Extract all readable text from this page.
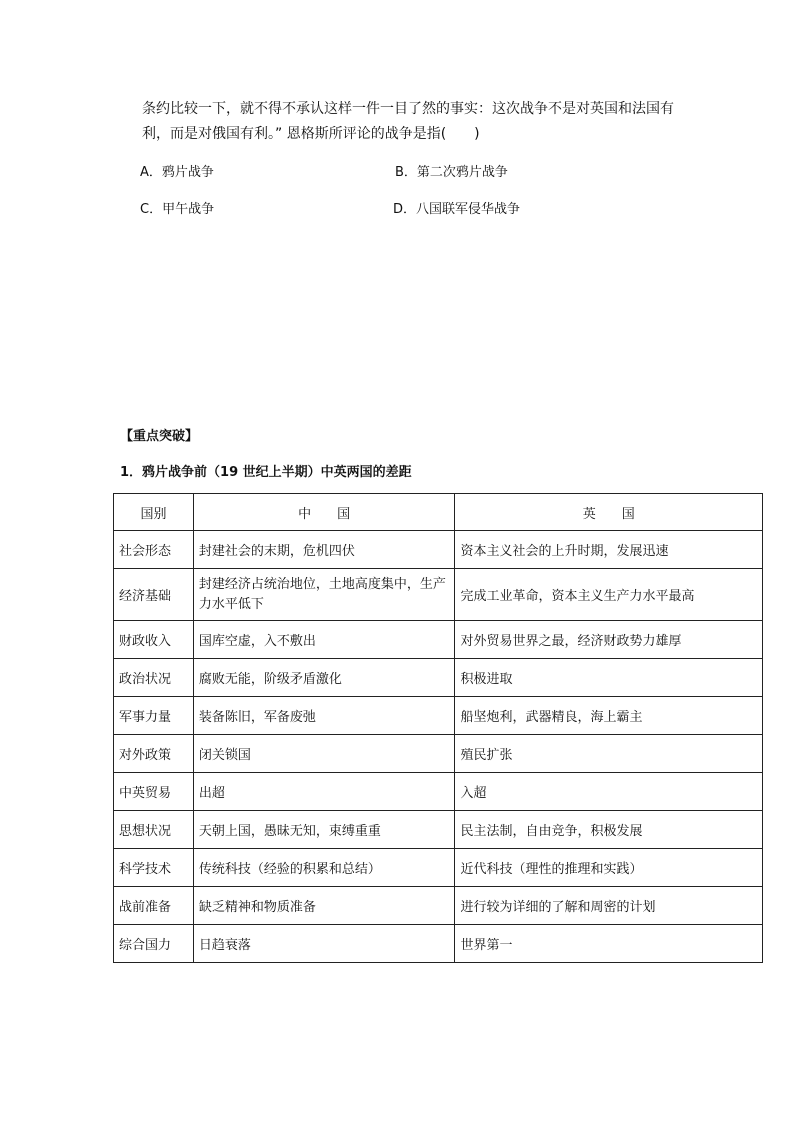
条约比较一下，就不得不承认这样一件一目了然的事实：这次战争不是对英国和法国有
利，而是对俄国有利。” 恩格斯所评论的战争是指(　　)
A．鸦片战争	B．第二次鸦片战争
C．甲午战争	D．八国联军侵华战争
【重点突破】
1．鸦片战争前（19 世纪上半期）中英两国的差距
国别	中　　国	英　　国
社会形态	封建社会的末期，危机四伏	资本主义社会的上升时期，发展迅速
经济基础	封建经济占统治地位，土地高度集中，生产力水平低下	完成工业革命，资本主义生产力水平最高
财政收入	国库空虚，入不敷出	对外贸易世界之最，经济财政势力雄厚
政治状况	腐败无能，阶级矛盾激化	积极进取
军事力量	装备陈旧，军备废弛	船坚炮利，武器精良，海上霸主
对外政策	闭关锁国	殖民扩张
中英贸易	出超	入超
思想状况	天朝上国，愚昧无知，束缚重重	民主法制，自由竞争，积极发展
科学技术	传统科技（经验的积累和总结）	近代科技（理性的推理和实践）
战前准备	缺乏精神和物质准备	进行较为详细的了解和周密的计划
综合国力	日趋衰落	世界第一
